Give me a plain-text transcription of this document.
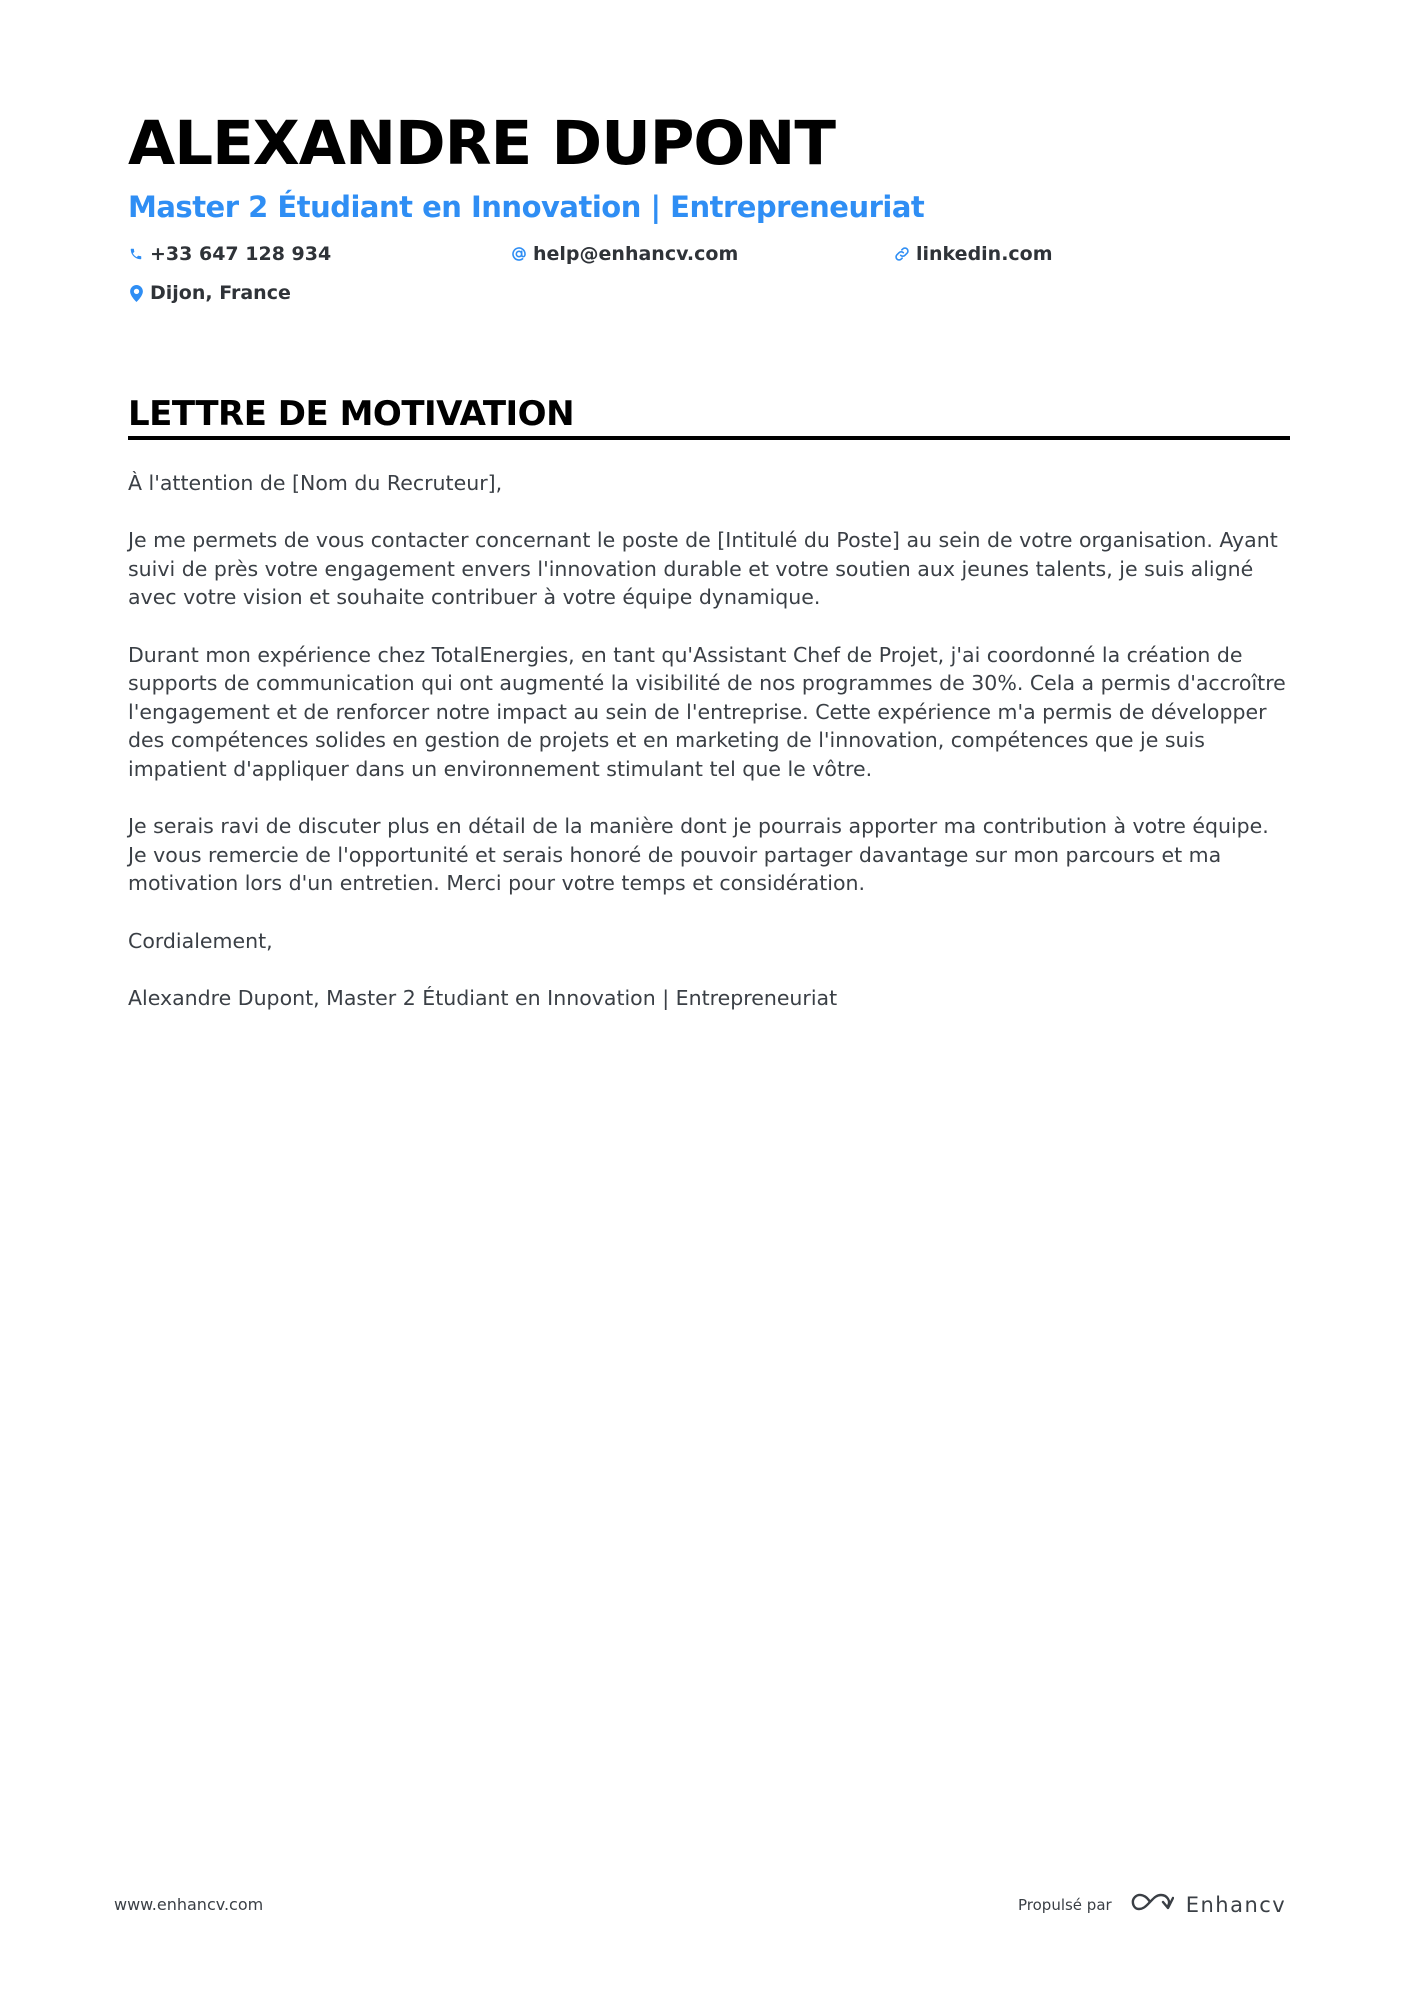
ALEXANDRE DUPONT
Master 2 Étudiant en Innovation | Entrepreneuriat
+33 647 128 934	help@enhancv.com	linkedin.com
Dijon, France
LETTRE DE MOTIVATION

À l'attention de [Nom du Recruteur],

Je me permets de vous contacter concernant le poste de [Intitulé du Poste] au sein de votre organisation. Ayant suivi de près votre engagement envers l'innovation durable et votre soutien aux jeunes talents, je suis aligné avec votre vision et souhaite contribuer à votre équipe dynamique.

Durant mon expérience chez TotalEnergies, en tant qu'Assistant Chef de Projet, j'ai coordonné la création de supports de communication qui ont augmenté la visibilité de nos programmes de 30%. Cela a permis d'accroître l'engagement et de renforcer notre impact au sein de l'entreprise. Cette expérience m'a permis de développer des compétences solides en gestion de projets et en marketing de l'innovation, compétences que je suis impatient d'appliquer dans un environnement stimulant tel que le vôtre.

Je serais ravi de discuter plus en détail de la manière dont je pourrais apporter ma contribution à votre équipe. Je vous remercie de l'opportunité et serais honoré de pouvoir partager davantage sur mon parcours et ma motivation lors d'un entretien. Merci pour votre temps et considération.

Cordialement,

Alexandre Dupont, Master 2 Étudiant en Innovation | Entrepreneuriat

www.enhancv.com	Propulsé par	Enhancv
